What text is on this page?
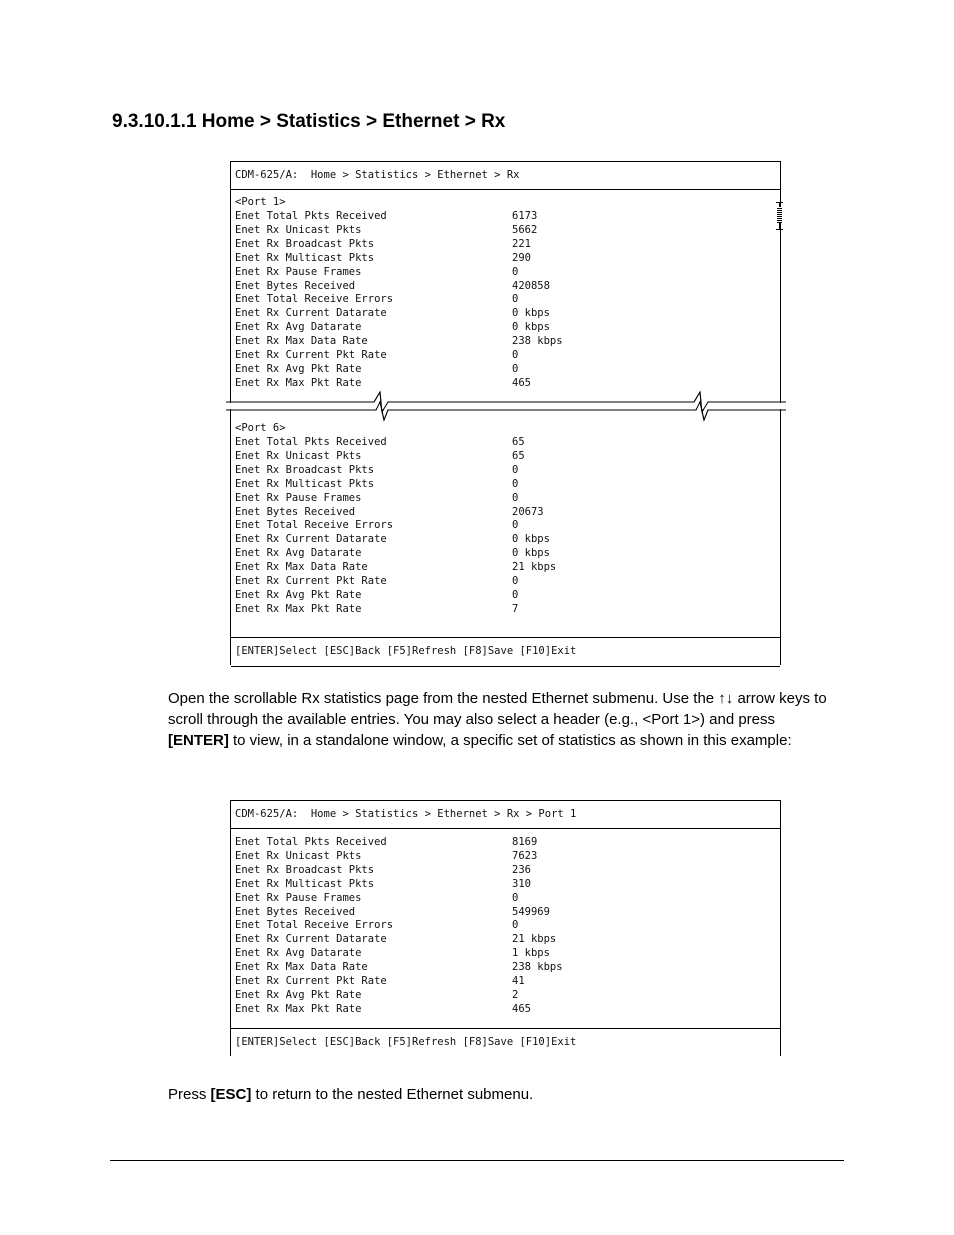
9.3.10.1.1 Home > Statistics > Ethernet > Rx
CDM-625/A:  Home > Statistics > Ethernet > Rx
<Port 1>
Enet Total Pkts Received	6173
Enet Rx Unicast Pkts	5662
Enet Rx Broadcast Pkts	221
Enet Rx Multicast Pkts	290
Enet Rx Pause Frames	0
Enet Bytes Received	420858
Enet Total Receive Errors	0
Enet Rx Current Datarate	0 kbps
Enet Rx Avg Datarate	0 kbps
Enet Rx Max Data Rate	238 kbps
Enet Rx Current Pkt Rate	0
Enet Rx Avg Pkt Rate	0
Enet Rx Max Pkt Rate	465
<Port 6>
Enet Total Pkts Received	65
Enet Rx Unicast Pkts	65
Enet Rx Broadcast Pkts	0
Enet Rx Multicast Pkts	0
Enet Rx Pause Frames	0
Enet Bytes Received	20673
Enet Total Receive Errors	0
Enet Rx Current Datarate	0 kbps
Enet Rx Avg Datarate	0 kbps
Enet Rx Max Data Rate	21 kbps
Enet Rx Current Pkt Rate	0
Enet Rx Avg Pkt Rate	0
Enet Rx Max Pkt Rate	7
[ENTER]Select [ESC]Back [F5]Refresh [F8]Save [F10]Exit

Open the scrollable Rx statistics page from the nested Ethernet submenu. Use the ↑↓ arrow keys to scroll through the available entries. You may also select a header (e.g., <Port 1>) and press [ENTER] to view, in a standalone window, a specific set of statistics as shown in this example:

CDM-625/A:  Home > Statistics > Ethernet > Rx > Port 1
Enet Total Pkts Received	8169
Enet Rx Unicast Pkts	7623
Enet Rx Broadcast Pkts	236
Enet Rx Multicast Pkts	310
Enet Rx Pause Frames	0
Enet Bytes Received	549969
Enet Total Receive Errors	0
Enet Rx Current Datarate	21 kbps
Enet Rx Avg Datarate	1 kbps
Enet Rx Max Data Rate	238 kbps
Enet Rx Current Pkt Rate	41
Enet Rx Avg Pkt Rate	2
Enet Rx Max Pkt Rate	465
[ENTER]Select [ESC]Back [F5]Refresh [F8]Save [F10]Exit

Press [ESC] to return to the nested Ethernet submenu.
